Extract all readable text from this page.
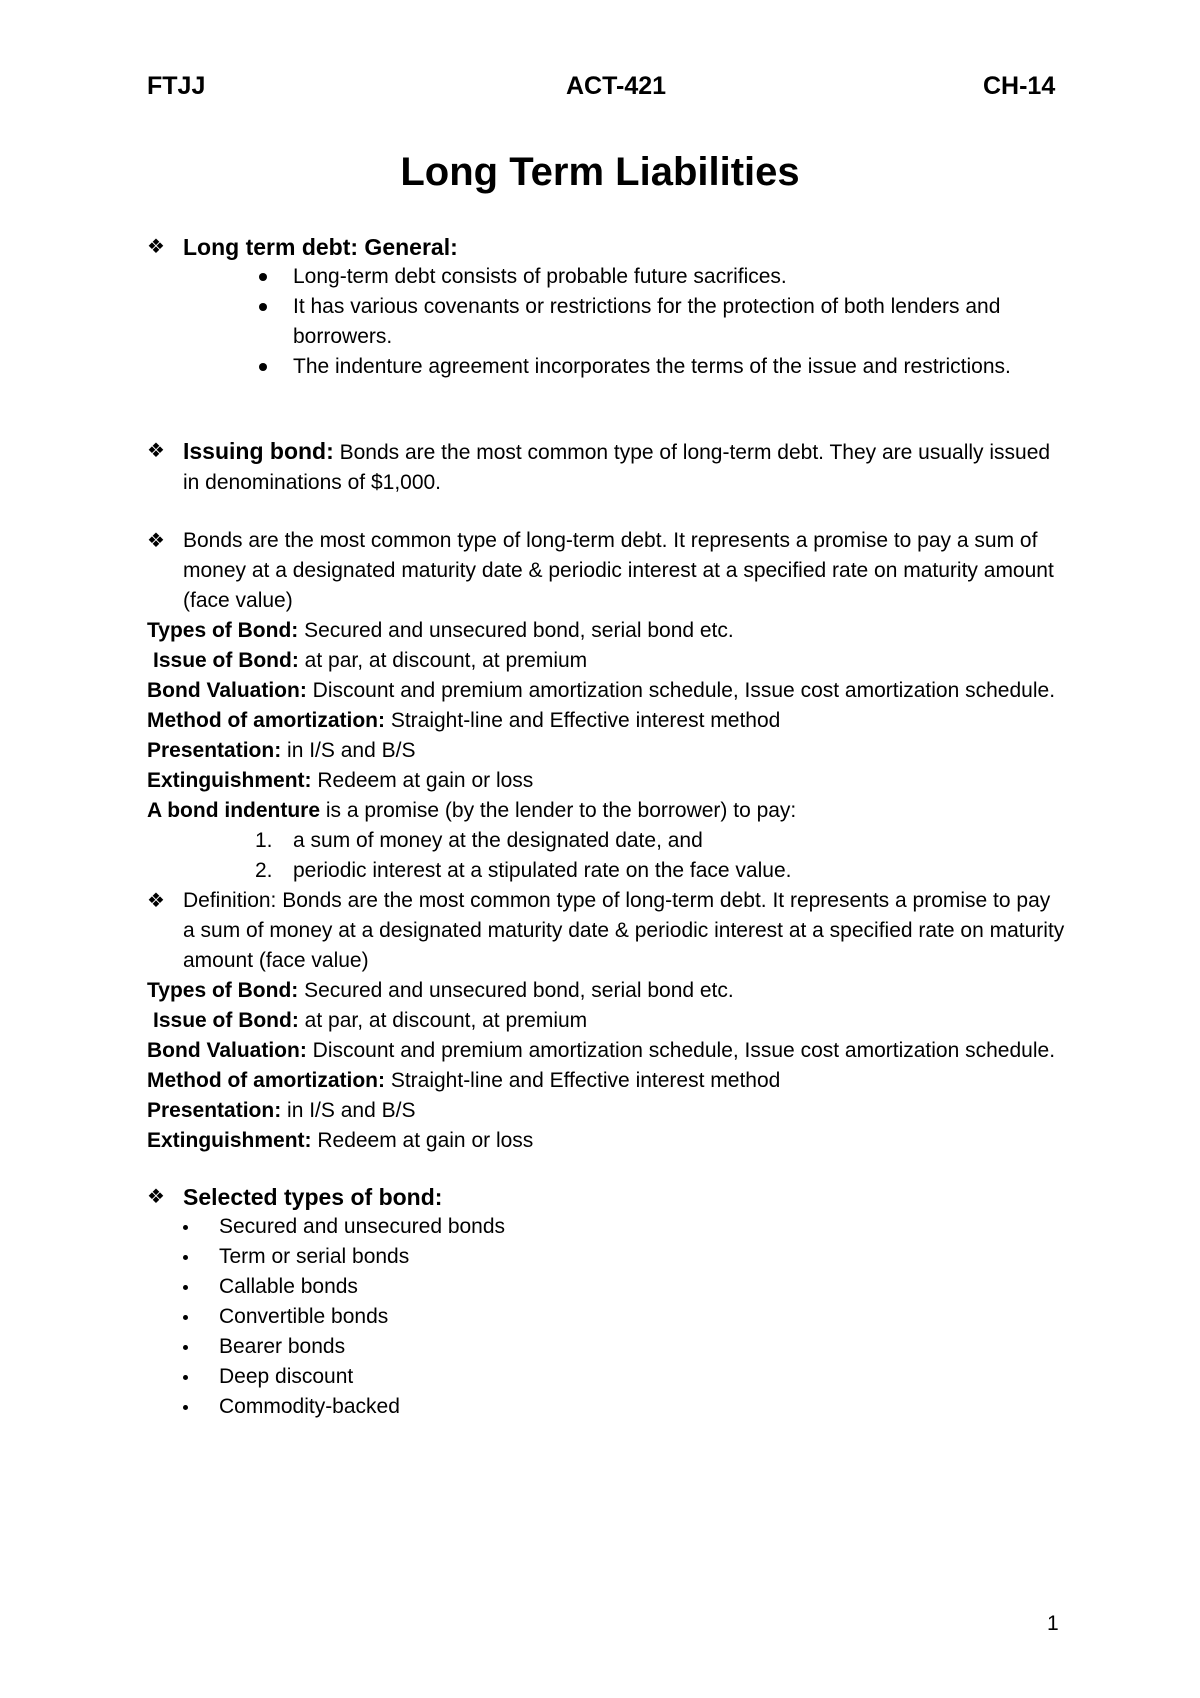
FTJJ	ACT-421	CH-14
Long Term Liabilities
❖ Long term debt: General:
Long-term debt consists of probable future sacrifices.
It has various covenants or restrictions for the protection of both lenders and borrowers.
The indenture agreement incorporates the terms of the issue and restrictions.
❖ Issuing bond: Bonds are the most common type of long-term debt. They are usually issued in denominations of $1,000.
❖ Bonds are the most common type of long-term debt. It represents a promise to pay a sum of money at a designated maturity date & periodic interest at a specified rate on maturity amount (face value)
Types of Bond: Secured and unsecured bond, serial bond etc.
Issue of Bond: at par, at discount, at premium
Bond Valuation: Discount and premium amortization schedule, Issue cost amortization schedule.
Method of amortization: Straight-line and Effective interest method
Presentation: in I/S and B/S
Extinguishment: Redeem at gain or loss
A bond indenture is a promise (by the lender to the borrower) to pay:
1. a sum of money at the designated date, and
2. periodic interest at a stipulated rate on the face value.
❖ Definition: Bonds are the most common type of long-term debt. It represents a promise to pay a sum of money at a designated maturity date & periodic interest at a specified rate on maturity amount (face value)
Types of Bond: Secured and unsecured bond, serial bond etc.
Issue of Bond: at par, at discount, at premium
Bond Valuation: Discount and premium amortization schedule, Issue cost amortization schedule.
Method of amortization: Straight-line and Effective interest method
Presentation: in I/S and B/S
Extinguishment: Redeem at gain or loss
❖ Selected types of bond:
Secured and unsecured bonds
Term or serial bonds
Callable bonds
Convertible bonds
Bearer bonds
Deep discount
Commodity-backed
1
